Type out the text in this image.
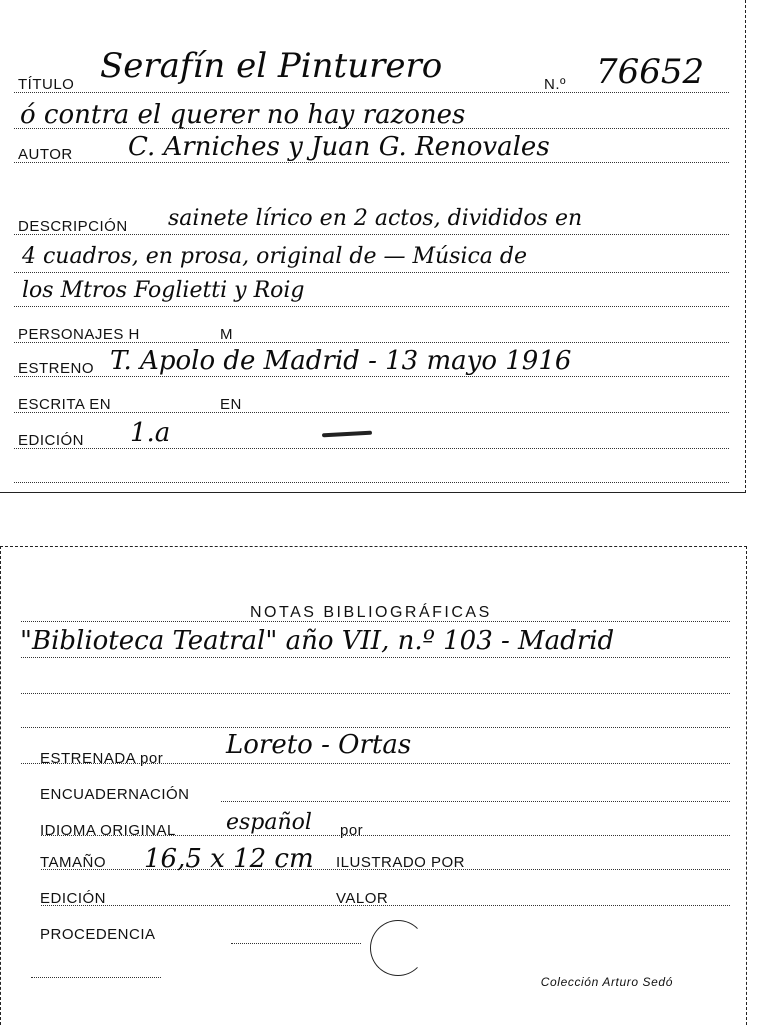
TÍTULO Serafín el Pinturero	N.º 76652
ó contra el querer no hay razones
AUTOR C. Arniches y Juan G. Renovales
DESCRIPCIÓN sainete lírico en 2 actos, divididos en
4 cuadros, en prosa, original de — Música de
los Mtros Foglietti y Roig
PERSONAJES H	M
ESTRENO T. Apolo de Madrid - 13 mayo 1916
ESCRITA EN	EN
EDICIÓN 1.a
NOTAS BIBLIOGRÁFICAS
"Biblioteca Teatral" año VII, n.º 103 - Madrid
ESTRENADA por Loreto - Ortas
ENCUADERNACIÓN
IDIOMA ORIGINAL español por
TAMAÑO 16,5 x 12 cm ILUSTRADO POR
EDICIÓN	VALOR
PROCEDENCIA
Colección Arturo Sedó
